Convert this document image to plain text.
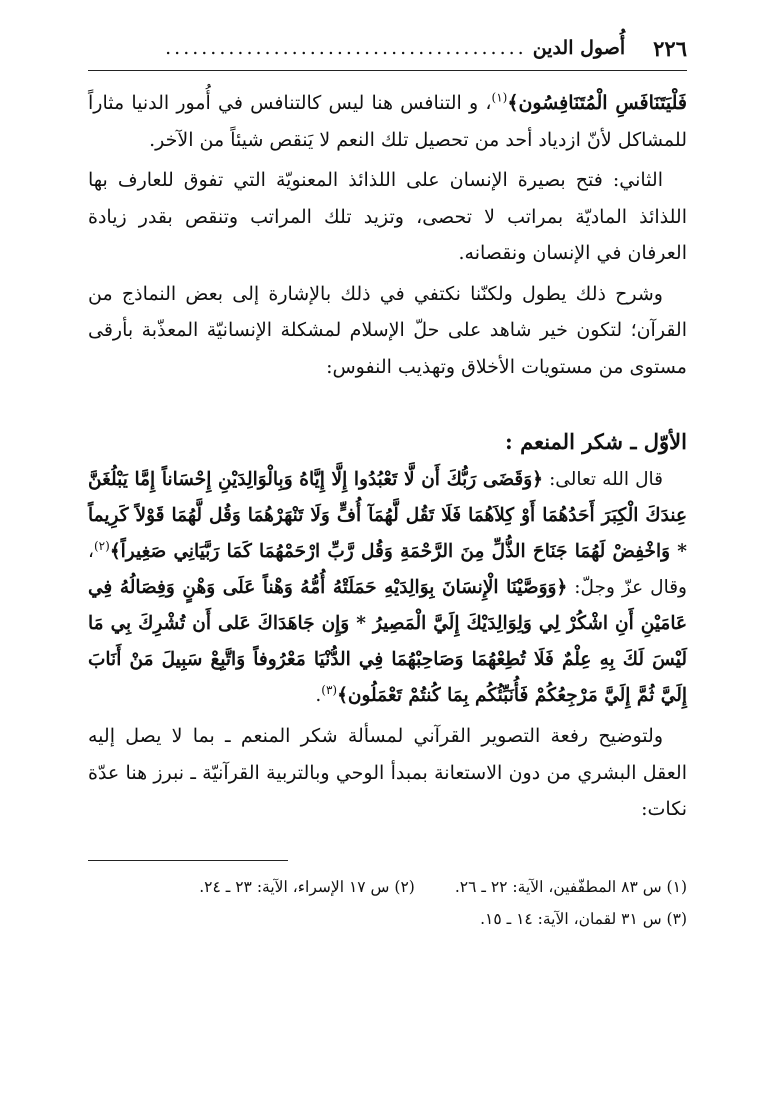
٢٢٦
أُصول الدين
........................................

فَلْيَتَنَافَسِ الْمُتَنَافِسُون﴾$^{(١)}$، و التنافس هنا ليس كالتنافس في أُمور الدنيا مثاراً للمشاكل لأنّ ازدياد أحد من تحصيل تلك النعم لا يَنقص شيئاً من الآخر.

الثاني: فتح بصيرة الإنسان على اللذائذ المعنويّة التي تفوق للعارف بها اللذائذ الماديّة بمراتب لا تحصى، وتزيد تلك المراتب وتنقص بقدر زيادة العرفان في الإنسان ونقصانه.

وشرح ذلك يطول ولكنّنا نكتفي في ذلك بالإشارة إلى بعض النماذج من القرآن؛ لتكون خير شاهد على حلّ الإسلام لمشكلة الإنسانيّة المعذّبة بأرقى مستوى من مستويات الأخلاق وتهذيب النفوس:

الأوّل ـ شكر المنعم :

قال الله تعالى: ﴿وَقَضَى رَبُّكَ أَن لَّا تَعْبُدُوا إِلَّا إِيَّاهُ وَبِالْوَالِدَيْنِ إِحْسَاناً إِمَّا يَبْلُغَنَّ عِندَكَ الْكِبَرَ أَحَدُهُمَا أَوْ كِلاَهُمَا فَلَا تَقُل لَّهُمَآ أُفٍّ وَلَا تَنْهَرْهُمَا وَقُل لَّهُمَا قَوْلاً كَرِيماً * وَاخْفِضْ لَهُمَا جَنَاحَ الذُّلِّ مِنَ الرَّحْمَةِ وَقُل رَّبِّ ارْحَمْهُمَا كَمَا رَبَّيَانِي صَغِيراً﴾$^{(٢)}$، وقال عزّ وجلّ: ﴿وَوَصَّيْنَا الْإِنسَانَ بِوَالِدَيْهِ حَمَلَتْهُ أُمُّهُ وَهْناً عَلَى وَهْنٍ وَفِصَالُهُ فِي عَامَيْنِ أَنِ اشْكُرْ لِي وَلِوَالِدَيْكَ إِلَيَّ الْمَصِيرُ * وَإِن جَاهَدَاكَ عَلى أَن تُشْرِكَ بِي مَا لَيْسَ لَكَ بِهِ عِلْمٌ فَلَا تُطِعْهُمَا وَصَاحِبْهُمَا فِي الدُّنْيَا مَعْرُوفاً وَاتَّبِعْ سَبِيلَ مَنْ أَنَابَ إِلَيَّ ثُمَّ إِلَيَّ مَرْجِعُكُمْ فَأُنَبِّئُكُم بِمَا كُنتُمْ تَعْمَلُون﴾$^{(٣)}$.

ولتوضيح رفعة التصوير القرآني لمسألة شكر المنعم ـ بما لا يصل إليه العقل البشري من دون الاستعانة بمبدأ الوحي وبالتربية القرآنيّة ـ نبرز هنا عدّة نكات:

(١) س ٨٣ المطفّفين، الآية: ٢٢ ـ ٢٦.
(٢) س ١٧ الإسراء، الآية: ٢٣ ـ ٢٤.
(٣) س ٣١ لقمان، الآية: ١٤ ـ ١٥.
